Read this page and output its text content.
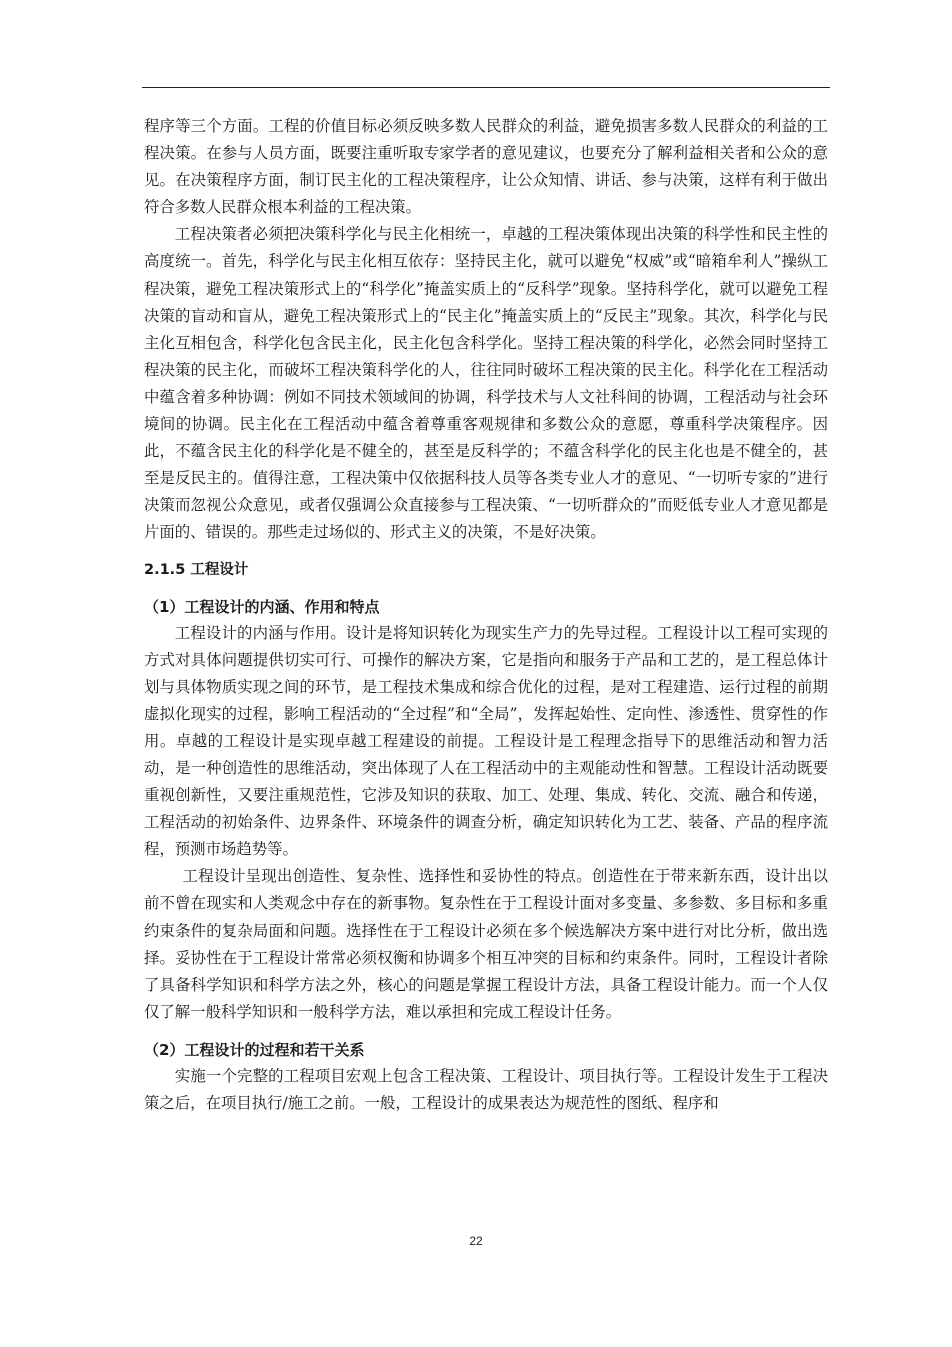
程序等三个方面。工程的价值目标必须反映多数人民群众的利益，避免损害多数人民群众的利益的工程决策。在参与人员方面，既要注重听取专家学者的意见建议，也要充分了解利益相关者和公众的意见。在决策程序方面，制订民主化的工程决策程序，让公众知情、讲话、参与决策，这样有利于做出符合多数人民群众根本利益的工程决策。

工程决策者必须把决策科学化与民主化相统一，卓越的工程决策体现出决策的科学性和民主性的高度统一。首先，科学化与民主化相互依存：坚持民主化，就可以避免“权威”或“暗箱牟利人”操纵工程决策，避免工程决策形式上的“科学化”掩盖实质上的“反科学”现象。坚持科学化，就可以避免工程决策的盲动和盲从，避免工程决策形式上的“民主化”掩盖实质上的“反民主”现象。其次，科学化与民主化互相包含，科学化包含民主化，民主化包含科学化。坚持工程决策的科学化，必然会同时坚持工程决策的民主化，而破坏工程决策科学化的人，往往同时破坏工程决策的民主化。科学化在工程活动中蕴含着多种协调：例如不同技术领域间的协调，科学技术与人文社科间的协调，工程活动与社会环境间的协调。民主化在工程活动中蕴含着尊重客观规律和多数公众的意愿，尊重科学决策程序。因此，不蕴含民主化的科学化是不健全的，甚至是反科学的；不蕴含科学化的民主化也是不健全的，甚至是反民主的。值得注意，工程决策中仅依据科技人员等各类专业人才的意见、“一切听专家的”进行决策而忽视公众意见，或者仅强调公众直接参与工程决策、“一切听群众的”而贬低专业人才意见都是片面的、错误的。那些走过场似的、形式主义的决策，不是好决策。

2.1.5 工程设计
（1）工程设计的内涵、作用和特点

工程设计的内涵与作用。设计是将知识转化为现实生产力的先导过程。工程设计以工程可实现的方式对具体问题提供切实可行、可操作的解决方案，它是指向和服务于产品和工艺的，是工程总体计划与具体物质实现之间的环节，是工程技术集成和综合优化的过程，是对工程建造、运行过程的前期虚拟化现实的过程，影响工程活动的“全过程”和“全局”，发挥起始性、定向性、渗透性、贯穿性的作用。卓越的工程设计是实现卓越工程建设的前提。工程设计是工程理念指导下的思维活动和智力活动，是一种创造性的思维活动，突出体现了人在工程活动中的主观能动性和智慧。工程设计活动既要重视创新性，又要注重规范性，它涉及知识的获取、加工、处理、集成、转化、交流、融合和传递，工程活动的初始条件、边界条件、环境条件的调查分析，确定知识转化为工艺、装备、产品的程序流程，预测市场趋势等。

工程设计呈现出创造性、复杂性、选择性和妥协性的特点。创造性在于带来新东西，设计出以前不曾在现实和人类观念中存在的新事物。复杂性在于工程设计面对多变量、多参数、多目标和多重约束条件的复杂局面和问题。选择性在于工程设计必须在多个候选解决方案中进行对比分析，做出选择。妥协性在于工程设计常常必须权衡和协调多个相互冲突的目标和约束条件。同时，工程设计者除了具备科学知识和科学方法之外，核心的问题是掌握工程设计方法，具备工程设计能力。而一个人仅仅了解一般科学知识和一般科学方法，难以承担和完成工程设计任务。

（2）工程设计的过程和若干关系

实施一个完整的工程项目宏观上包含工程决策、工程设计、项目执行等。工程设计发生于工程决策之后，在项目执行/施工之前。一般，工程设计的成果表达为规范性的图纸、程序和

22
